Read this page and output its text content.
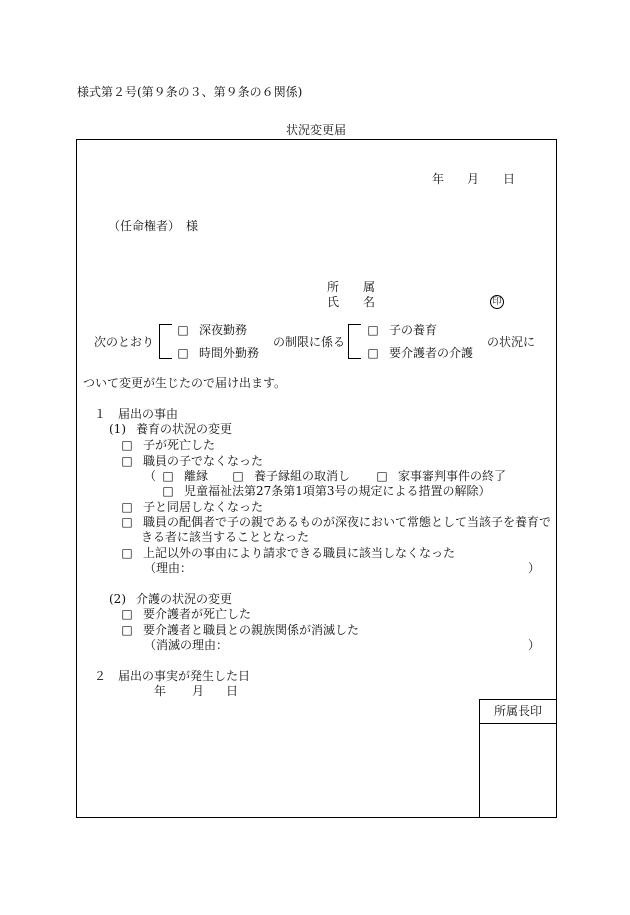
様式第２号(第９条の３、第９条の６関係)
状況変更届
年 月 日
（任命権者）　様
所　　属
氏　　名	印
次のとおり
□ 深夜勤務
□ 時間外勤務
の制限に係る
□ 子の養育
□ 要介護者の介護
の状況に
ついて変更が生じたので届け出ます。
１　届出の事由
(1) 養育の状況の変更
□ 子が死亡した
□ 職員の子でなくなった
（ □ 離縁 □ 養子縁組の取消し □ 家事審判事件の終了
□ 児童福祉法第27条第1項第3号の規定による措置の解除）
□ 子と同居しなくなった
□ 職員の配偶者で子の親であるものが深夜において常態として当該子を養育で
きる者に該当することとなった
□ 上記以外の事由により請求できる職員に該当しなくなった
（理由：	）
(2) 介護の状況の変更
□ 要介護者が死亡した
□ 要介護者と職員との親族関係が消滅した
（消滅の理由：	）
２　届出の事実が発生した日
年 月 日
所属長印
